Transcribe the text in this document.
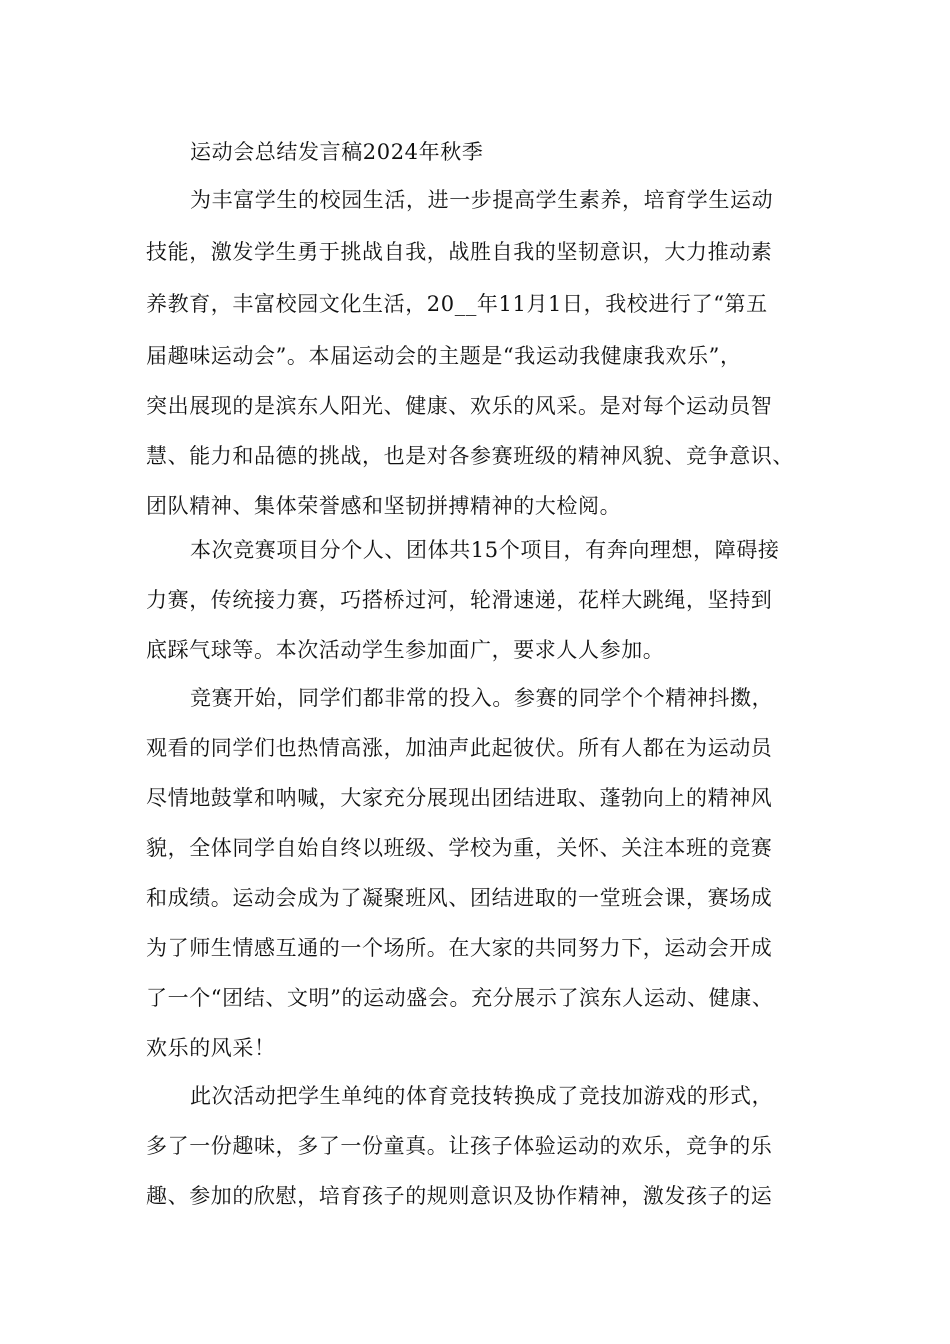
运动会总结发言稿2024年秋季
为丰富学生的校园生活，进一步提高学生素养，培育学生运动
技能，激发学生勇于挑战自我，战胜自我的坚韧意识，大力推动素
养教育，丰富校园文化生活，20__年11月1日，我校进行了“第五
届趣味运动会”。本届运动会的主题是“我运动我健康我欢乐”，
突出展现的是滨东人阳光、健康、欢乐的风采。是对每个运动员智
慧、能力和品德的挑战，也是对各参赛班级的精神风貌、竞争意识、
团队精神、集体荣誉感和坚韧拼搏精神的大检阅。
本次竞赛项目分个人、团体共15个项目，有奔向理想，障碍接
力赛，传统接力赛，巧搭桥过河，轮滑速递，花样大跳绳，坚持到
底踩气球等。本次活动学生参加面广，要求人人参加。
竞赛开始，同学们都非常的投入。参赛的同学个个精神抖擞，
观看的同学们也热情高涨，加油声此起彼伏。所有人都在为运动员
尽情地鼓掌和呐喊，大家充分展现出团结进取、蓬勃向上的精神风
貌，全体同学自始自终以班级、学校为重，关怀、关注本班的竞赛
和成绩。运动会成为了凝聚班风、团结进取的一堂班会课，赛场成
为了师生情感互通的一个场所。在大家的共同努力下，运动会开成
了一个“团结、文明”的运动盛会。充分展示了滨东人运动、健康、
欢乐的风采！
此次活动把学生单纯的体育竞技转换成了竞技加游戏的形式，
多了一份趣味，多了一份童真。让孩子体验运动的欢乐，竞争的乐
趣、参加的欣慰，培育孩子的规则意识及协作精神，激发孩子的运
